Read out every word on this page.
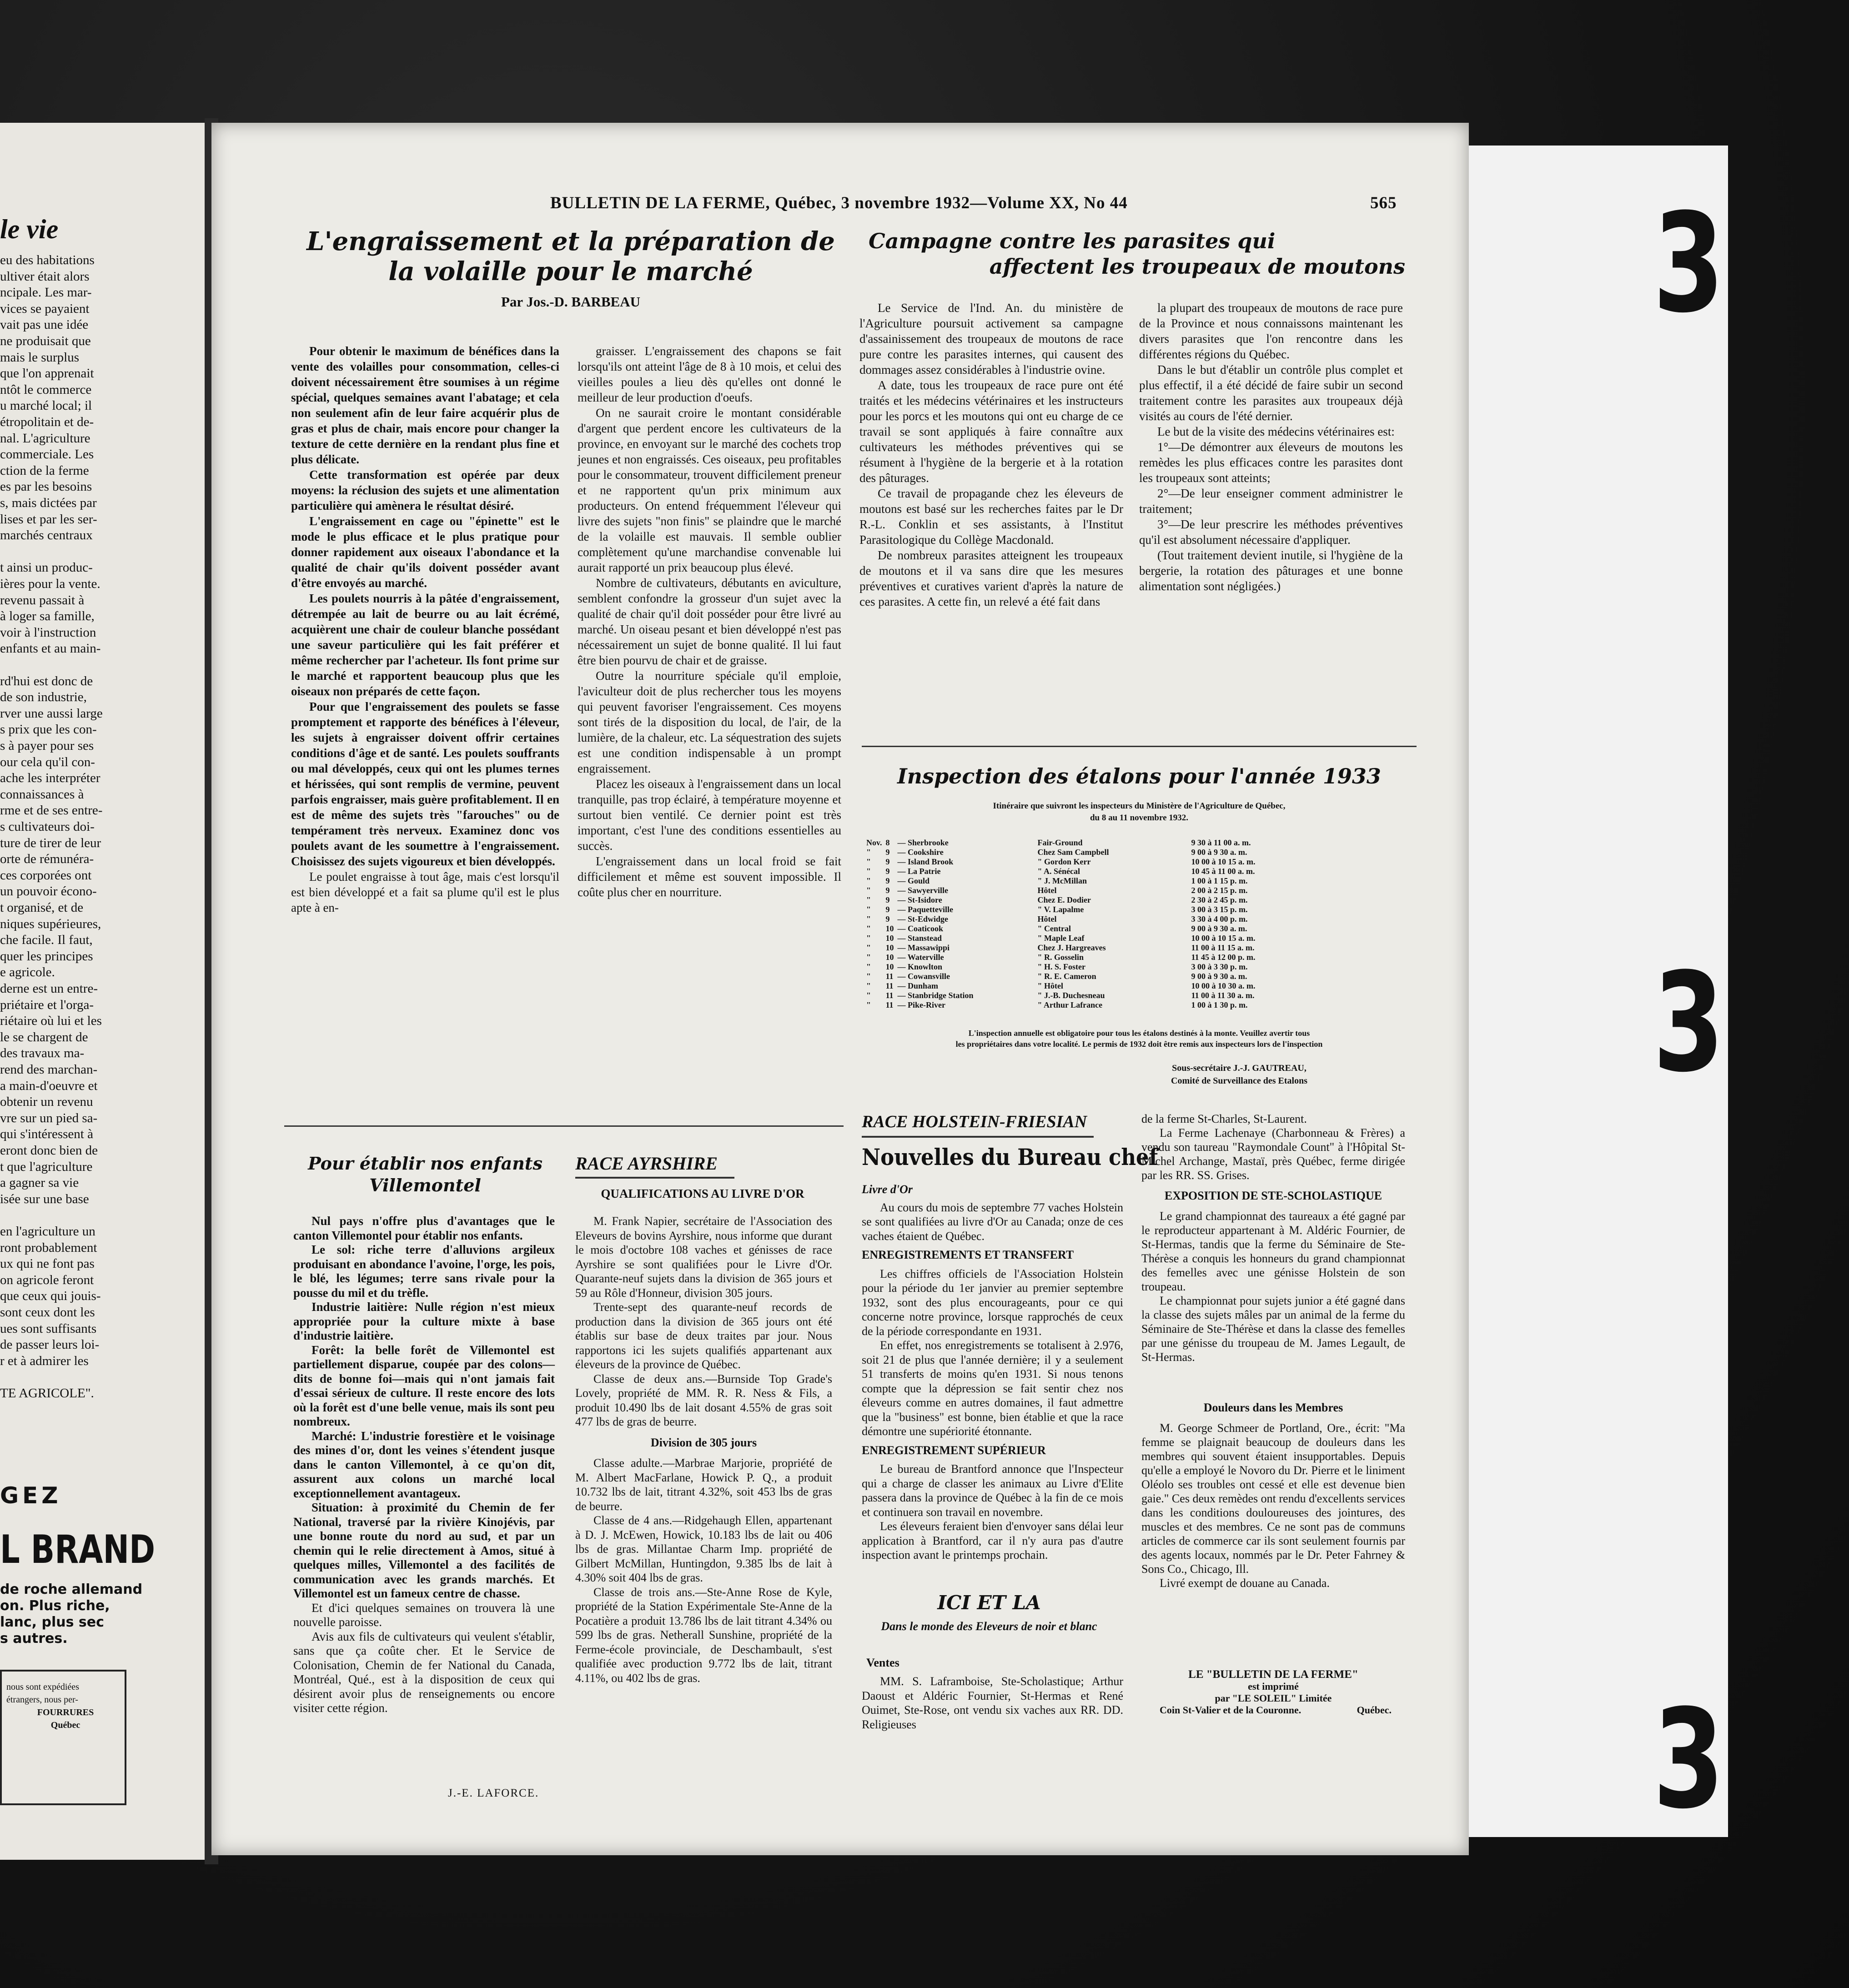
le vie
eu des habitations
ultiver était alors
ncipale. Les mar-
vices se payaient
vait pas une idée
ne produisait que
mais le surplus
que l'on apprenait
ntôt le commerce
u marché local; il
étropolitain et de-
nal. L'agriculture
commerciale. Les
ction de la ferme
es par les besoins
s, mais dictées par
lises et par les ser-
marchés centraux
t ainsi un produc-
ières pour la vente.
revenu passait à
à loger sa famille,
voir à l'instruction
enfants et au main-
rd'hui est donc de
de son industrie,
rver une aussi large
s prix que les con-
s à payer pour ses
our cela qu'il con-
ache les interpréter
connaissances à
rme et de ses entre-
s cultivateurs doi-
ture de tirer de leur
orte de rémunéra-
ces corporées ont
un pouvoir écono-
t organisé, et de
niques supérieures,
che facile. Il faut,
quer les principes
e agricole.
derne est un entre-
priétaire et l'orga-
riétaire où lui et les
le se chargent de
des travaux ma-
rend des marchan-
a main-d'oeuvre et
obtenir un revenu
vre sur un pied sa-
qui s'intéressent à
eront donc bien de
t que l'agriculture
a gagner sa vie
isée sur une base
en l'agriculture un
ront probablement
ux qui ne font pas
on agricole feront
que ceux qui jouis-
sont ceux dont les
ues sont suffisants
de passer leurs loi-
r et à admirer les
TE AGRICOLE".
GEZ
L BRAND
de roche allemand
on. Plus riche,
lanc, plus sec
s autres.
nous sont expédiées
étrangers, nous per-
FOURRURES
Québec
BULLETIN DE LA FERME, Québec, 3 novembre 1932—Volume XX, No 44	565
L'engraissement et la préparation de
la volaille pour le marché
Par Jos.-D. BARBEAU

Pour obtenir le maximum de bénéfices dans la vente des volailles pour consommation, celles-ci doivent nécessairement être soumises à un régime spécial, quelques semaines avant l'abatage; et cela non seulement afin de leur faire acquérir plus de gras et plus de chair, mais encore pour changer la texture de cette dernière en la rendant plus fine et plus délicate.

Cette transformation est opérée par deux moyens: la réclusion des sujets et une alimentation particulière qui amènera le résultat désiré.

L'engraissement en cage ou "épinette" est le mode le plus efficace et le plus pratique pour donner rapidement aux oiseaux l'abondance et la qualité de chair qu'ils doivent posséder avant d'être envoyés au marché.

Les poulets nourris à la pâtée d'engraissement, détrempée au lait de beurre ou au lait écrémé, acquièrent une chair de couleur blanche possédant une saveur particulière qui les fait préférer et même rechercher par l'acheteur. Ils font prime sur le marché et rapportent beaucoup plus que les oiseaux non préparés de cette façon.

Pour que l'engraissement des poulets se fasse promptement et rapporte des bénéfices à l'éleveur, les sujets à engraisser doivent offrir certaines conditions d'âge et de santé. Les poulets souffrants ou mal développés, ceux qui ont les plumes ternes et hérissées, qui sont remplis de vermine, peuvent parfois engraisser, mais guère profitablement. Il en est de même des sujets très "farouches" ou de tempérament très nerveux. Examinez donc vos poulets avant de les soumettre à l'engraissement. Choisissez des sujets vigoureux et bien développés.

Le poulet engraisse à tout âge, mais c'est lorsqu'il est bien développé et a fait sa plume qu'il est le plus apte à en-

graisser. L'engraissement des chapons se fait lorsqu'ils ont atteint l'âge de 8 à 10 mois, et celui des vieilles poules a lieu dès qu'elles ont donné le meilleur de leur production d'oeufs.

On ne saurait croire le montant considérable d'argent que perdent encore les cultivateurs de la province, en envoyant sur le marché des cochets trop jeunes et non engraissés. Ces oiseaux, peu profitables pour le consommateur, trouvent difficilement preneur et ne rapportent qu'un prix minimum aux producteurs. On entend fréquemment l'éleveur qui livre des sujets "non finis" se plaindre que le marché de la volaille est mauvais. Il semble oublier complètement qu'une marchandise convenable lui aurait rapporté un prix beaucoup plus élevé.

Nombre de cultivateurs, débutants en aviculture, semblent confondre la grosseur d'un sujet avec la qualité de chair qu'il doit posséder pour être livré au marché. Un oiseau pesant et bien développé n'est pas nécessairement un sujet de bonne qualité. Il lui faut être bien pourvu de chair et de graisse.

Outre la nourriture spéciale qu'il emploie, l'aviculteur doit de plus rechercher tous les moyens qui peuvent favoriser l'engraissement. Ces moyens sont tirés de la disposition du local, de l'air, de la lumière, de la chaleur, etc. La séquestration des sujets est une condition indispensable à un prompt engraissement.

Placez les oiseaux à l'engraissement dans un local tranquille, pas trop éclairé, à température moyenne et surtout bien ventilé. Ce dernier point est très important, c'est l'une des conditions essentielles au succès.

L'engraissement dans un local froid se fait difficilement et même est souvent impossible. Il coûte plus cher en nourriture.

Campagne contre les parasites qui
affectent les troupeaux de moutons

Le Service de l'Ind. An. du ministère de l'Agriculture poursuit activement sa campagne d'assainissement des troupeaux de moutons de race pure contre les parasites internes, qui causent des dommages assez considérables à l'industrie ovine.

A date, tous les troupeaux de race pure ont été traités et les médecins vétérinaires et les instructeurs pour les porcs et les moutons qui ont eu charge de ce travail se sont appliqués à faire connaître aux cultivateurs les méthodes préventives qui se résument à l'hygiène de la bergerie et à la rotation des pâturages.

Ce travail de propagande chez les éleveurs de moutons est basé sur les recherches faites par le Dr R.-L. Conklin et ses assistants, à l'Institut Parasitologique du Collège Macdonald.

De nombreux parasites atteignent les troupeaux de moutons et il va sans dire que les mesures préventives et curatives varient d'après la nature de ces parasites. A cette fin, un relevé a été fait dans

la plupart des troupeaux de moutons de race pure de la Province et nous connaissons maintenant les divers parasites que l'on rencontre dans les différentes régions du Québec.

Dans le but d'établir un contrôle plus complet et plus effectif, il a été décidé de faire subir un second traitement contre les parasites aux troupeaux déjà visités au cours de l'été dernier.

Le but de la visite des médecins vétérinaires est:

1°—De démontrer aux éleveurs de moutons les remèdes les plus efficaces contre les parasites dont les troupeaux sont atteints;

2°—De leur enseigner comment administrer le traitement;

3°—De leur prescrire les méthodes préventives qu'il est absolument nécessaire d'appliquer.

(Tout traitement devient inutile, si l'hygiène de la bergerie, la rotation des pâturages et une bonne alimentation sont négligées.)

Inspection des étalons pour l'année 1933
Itinéraire que suivront les inspecteurs du Ministère de l'Agriculture de Québec,
du 8 au 11 novembre 1932.
Nov.	8	— Sherbrooke	Fair-Ground	9 30 à 11 00 a. m.
"	9	— Cookshire	Chez Sam Campbell	9 00 à 9 30 a. m.
"	9	— Island Brook	" Gordon Kerr	10 00 à 10 15 a. m.
"	9	— La Patrie	" A. Sénécal	10 45 à 11 00 a. m.
"	9	— Gould	" J. McMillan	1 00 à 1 15 p. m.
"	9	— Sawyerville	Hôtel	2 00 à 2 15 p. m.
"	9	— St-Isidore	Chez E. Dodier	2 30 à 2 45 p. m.
"	9	— Paquetteville	" V. Lapalme	3 00 à 3 15 p. m.
"	9	— St-Edwidge	Hôtel	3 30 à 4 00 p. m.
"	10	— Coaticook	" Central	9 00 à 9 30 a. m.
"	10	— Stanstead	" Maple Leaf	10 00 à 10 15 a. m.
"	10	— Massawippi	Chez J. Hargreaves	11 00 à 11 15 a. m.
"	10	— Waterville	" R. Gosselin	11 45 à 12 00 p. m.
"	10	— Knowlton	" H. S. Foster	3 00 à 3 30 p. m.
"	11	— Cowansville	" R. E. Cameron	9 00 à 9 30 a. m.
"	11	— Dunham	" Hôtel	10 00 à 10 30 a. m.
"	11	— Stanbridge Station	" J.-B. Duchesneau	11 00 à 11 30 a. m.
"	11	— Pike-River	" Arthur Lafrance	1 00 à 1 30 p. m.
L'inspection annuelle est obligatoire pour tous les étalons destinés à la monte. Veuillez avertir tous
les propriétaires dans votre localité. Le permis de 1932 doit être remis aux inspecteurs lors de l'inspection
Sous-secrétaire J.-J. GAUTREAU,
Comité de Surveillance des Etalons
Pour établir nos enfants
Villemontel

Nul pays n'offre plus d'avantages que le canton Villemontel pour établir nos enfants.

Le sol: riche terre d'alluvions argileux produisant en abondance l'avoine, l'orge, les pois, le blé, les légumes; terre sans rivale pour la pousse du mil et du trèfle.

Industrie laitière: Nulle région n'est mieux appropriée pour la culture mixte à base d'industrie laitière.

Forêt: la belle forêt de Villemontel est partiellement disparue, coupée par des colons—dits de bonne foi—mais qui n'ont jamais fait d'essai sérieux de culture. Il reste encore des lots où la forêt est d'une belle venue, mais ils sont peu nombreux.

Marché: L'industrie forestière et le voisinage des mines d'or, dont les veines s'étendent jusque dans le canton Villemontel, à ce qu'on dit, assurent aux colons un marché local exceptionnellement avantageux.

Situation: à proximité du Chemin de fer National, traversé par la rivière Kinojévis, par une bonne route du nord au sud, et par un chemin qui le relie directement à Amos, situé à quelques milles, Villemontel a des facilités de communication avec les grands marchés. Et Villemontel est un fameux centre de chasse.

Et d'ici quelques semaines on trouvera là une nouvelle paroisse.

Avis aux fils de cultivateurs qui veulent s'établir, sans que ça coûte cher. Et le Service de Colonisation, Chemin de fer National du Canada, Montréal, Qué., est à la disposition de ceux qui désirent avoir plus de renseignements ou encore visiter cette région.

J.-E. LAFORCE.
RACE AYRSHIRE
QUALIFICATIONS AU LIVRE D'OR

M. Frank Napier, secrétaire de l'Association des Eleveurs de bovins Ayrshire, nous informe que durant le mois d'octobre 108 vaches et génisses de race Ayrshire se sont qualifiées pour le Livre d'Or. Quarante-neuf sujets dans la division de 365 jours et 59 au Rôle d'Honneur, division 305 jours.

Trente-sept des quarante-neuf records de production dans la division de 365 jours ont été établis sur base de deux traites par jour. Nous rapportons ici les sujets qualifiés appartenant aux éleveurs de la province de Québec.

Classe de deux ans.—Burnside Top Grade's Lovely, propriété de MM. R. R. Ness & Fils, a produit 10.490 lbs de lait dosant 4.55% de gras soit 477 lbs de gras de beurre.

Division de 305 jours

Classe adulte.—Marbrae Marjorie, propriété de M. Albert MacFarlane, Howick P. Q., a produit 10.732 lbs de lait, titrant 4.32%, soit 453 lbs de gras de beurre.

Classe de 4 ans.—Ridgehaugh Ellen, appartenant à D. J. McEwen, Howick, 10.183 lbs de lait ou 406 lbs de gras. Millantae Charm Imp. propriété de Gilbert McMillan, Huntingdon, 9.385 lbs de lait à 4.30% soit 404 lbs de gras.

Classe de trois ans.—Ste-Anne Rose de Kyle, propriété de la Station Expérimentale Ste-Anne de la Pocatière a produit 13.786 lbs de lait titrant 4.34% ou 599 lbs de gras. Netherall Sunshine, propriété de la Ferme-école provinciale, de Deschambault, s'est qualifiée avec production 9.772 lbs de lait, titrant 4.11%, ou 402 lbs de gras.

RACE HOLSTEIN-FRIESIAN
Nouvelles du Bureau chef
Livre d'Or

Au cours du mois de septembre 77 vaches Holstein se sont qualifiées au livre d'Or au Canada; onze de ces vaches étaient de Québec.

ENREGISTREMENTS ET TRANSFERT

Les chiffres officiels de l'Association Holstein pour la période du 1er janvier au premier septembre 1932, sont des plus encourageants, pour ce qui concerne notre province, lorsque rapprochés de ceux de la période correspondante en 1931.

En effet, nos enregistrements se totalisent à 2.976, soit 21 de plus que l'année dernière; il y a seulement 51 transferts de moins qu'en 1931. Si nous tenons compte que la dépression se fait sentir chez nos éleveurs comme en autres domaines, il faut admettre que la "business" est bonne, bien établie et que la race démontre une supériorité étonnante.

ENREGISTREMENT SUPÉRIEUR

Le bureau de Brantford annonce que l'Inspecteur qui a charge de classer les animaux au Livre d'Elite passera dans la province de Québec à la fin de ce mois et continuera son travail en novembre.

Les éleveurs feraient bien d'envoyer sans délai leur application à Brantford, car il n'y aura pas d'autre inspection avant le printemps prochain.

ICI ET LA
Dans le monde des Eleveurs de noir et blanc
Ventes

MM. S. Laframboise, Ste-Scholastique; Arthur Daoust et Aldéric Fournier, St-Hermas et René Ouimet, Ste-Rose, ont vendu six vaches aux RR. DD. Religieuses

de la ferme St-Charles, St-Laurent.

La Ferme Lachenaye (Charbonneau & Frères) a vendu son taureau "Raymondale Count" à l'Hôpital St-Michel Archange, Mastaï, près Québec, ferme dirigée par les RR. SS. Grises.

EXPOSITION DE STE-SCHOLASTIQUE

Le grand championnat des taureaux a été gagné par le reproducteur appartenant à M. Aldéric Fournier, de St-Hermas, tandis que la ferme du Séminaire de Ste-Thérèse a conquis les honneurs du grand championnat des femelles avec une génisse Holstein de son troupeau.

Le championnat pour sujets junior a été gagné dans la classe des sujets mâles par un animal de la ferme du Séminaire de Ste-Thérèse et dans la classe des femelles par une génisse du troupeau de M. James Legault, de St-Hermas.

Douleurs dans les Membres

M. George Schmeer de Portland, Ore., écrit: "Ma femme se plaignait beaucoup de douleurs dans les membres qui souvent étaient insupportables. Depuis qu'elle a employé le Novoro du Dr. Pierre et le liniment Oléolo ses troubles ont cessé et elle est devenue bien gaie." Ces deux remèdes ont rendu d'excellents services dans les conditions douloureuses des jointures, des muscles et des membres. Ce ne sont pas de communs articles de commerce car ils sont seulement fournis par des agents locaux, nommés par le Dr. Peter Fahrney & Sons Co., Chicago, Ill.

Livré exempt de douane au Canada.

LE "BULLETIN DE LA FERME"
est imprimé
par "LE SOLEIL" Limitée
Coin St-Valier et de la Couronne.	Québec.
3
3
3
